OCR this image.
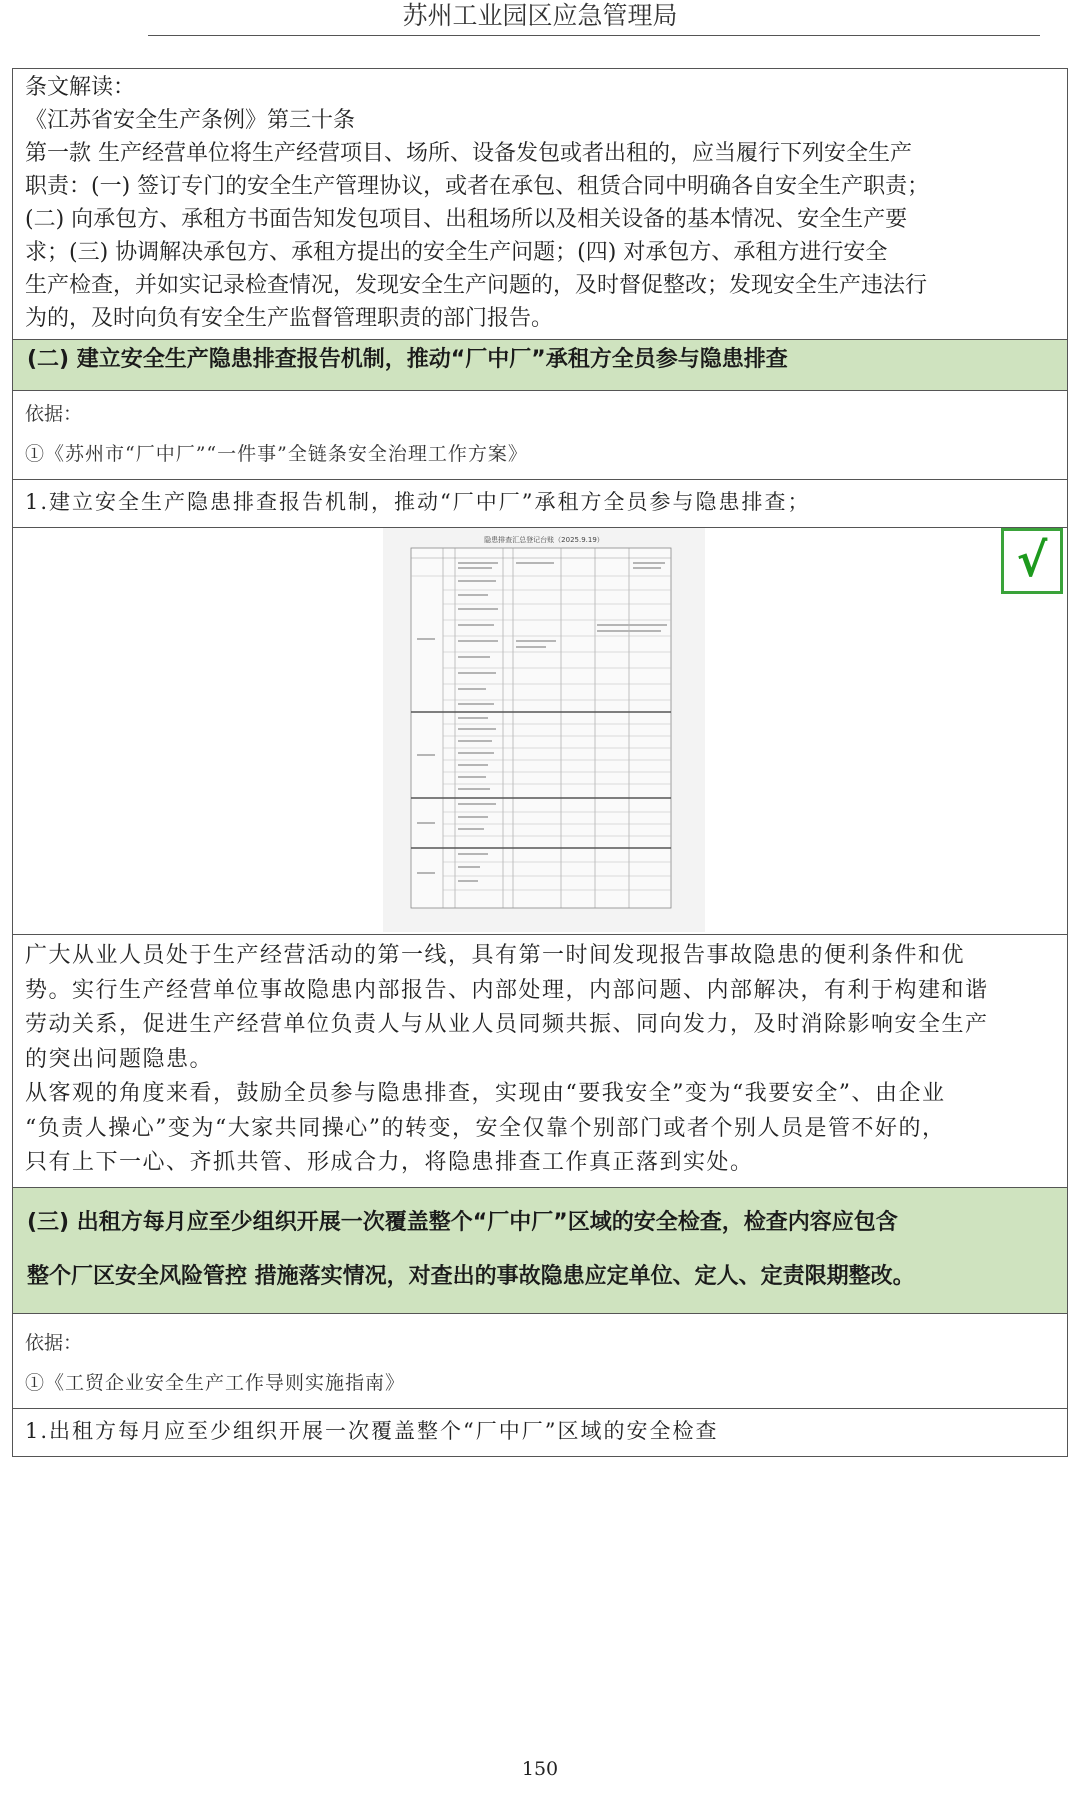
苏州工业园区应急管理局
条文解读：
《江苏省安全生产条例》第三十条
第一款 生产经营单位将生产经营项目、场所、设备发包或者出租的，应当履行下列安全生产
职责：(一) 签订专门的安全生产管理协议，或者在承包、租赁合同中明确各自安全生产职责；
(二) 向承包方、承租方书面告知发包项目、出租场所以及相关设备的基本情况、安全生产要
求；(三) 协调解决承包方、承租方提出的安全生产问题；(四) 对承包方、承租方进行安全
生产检查，并如实记录检查情况，发现安全生产问题的，及时督促整改；发现安全生产违法行
为的，及时向负有安全生产监督管理职责的部门报告。
(二) 建立安全生产隐患排查报告机制，推动“厂中厂”承租方全员参与隐患排查
依据：
①《苏州市“厂中厂”“一件事”全链条安全治理工作方案》
1.建立安全生产隐患排查报告机制，推动“厂中厂”承租方全员参与隐患排查；
隐患排查汇总登记台账（2025.9.19）	√
广大从业人员处于生产经营活动的第一线，具有第一时间发现报告事故隐患的便利条件和优
势。实行生产经营单位事故隐患内部报告、内部处理，内部问题、内部解决，有利于构建和谐
劳动关系，促进生产经营单位负责人与从业人员同频共振、同向发力，及时消除影响安全生产
的突出问题隐患。
从客观的角度来看，鼓励全员参与隐患排查，实现由“要我安全”变为“我要安全”、由企业
“负责人操心”变为“大家共同操心”的转变，安全仅靠个别部门或者个别人员是管不好的，
只有上下一心、齐抓共管、形成合力，将隐患排查工作真正落到实处。
(三) 出租方每月应至少组织开展一次覆盖整个“厂中厂”区域的安全检查，检查内容应包含
整个厂区安全风险管控 措施落实情况，对查出的事故隐患应定单位、定人、定责限期整改。
依据：
①《工贸企业安全生产工作导则实施指南》
1.出租方每月应至少组织开展一次覆盖整个“厂中厂”区域的安全检查
150
